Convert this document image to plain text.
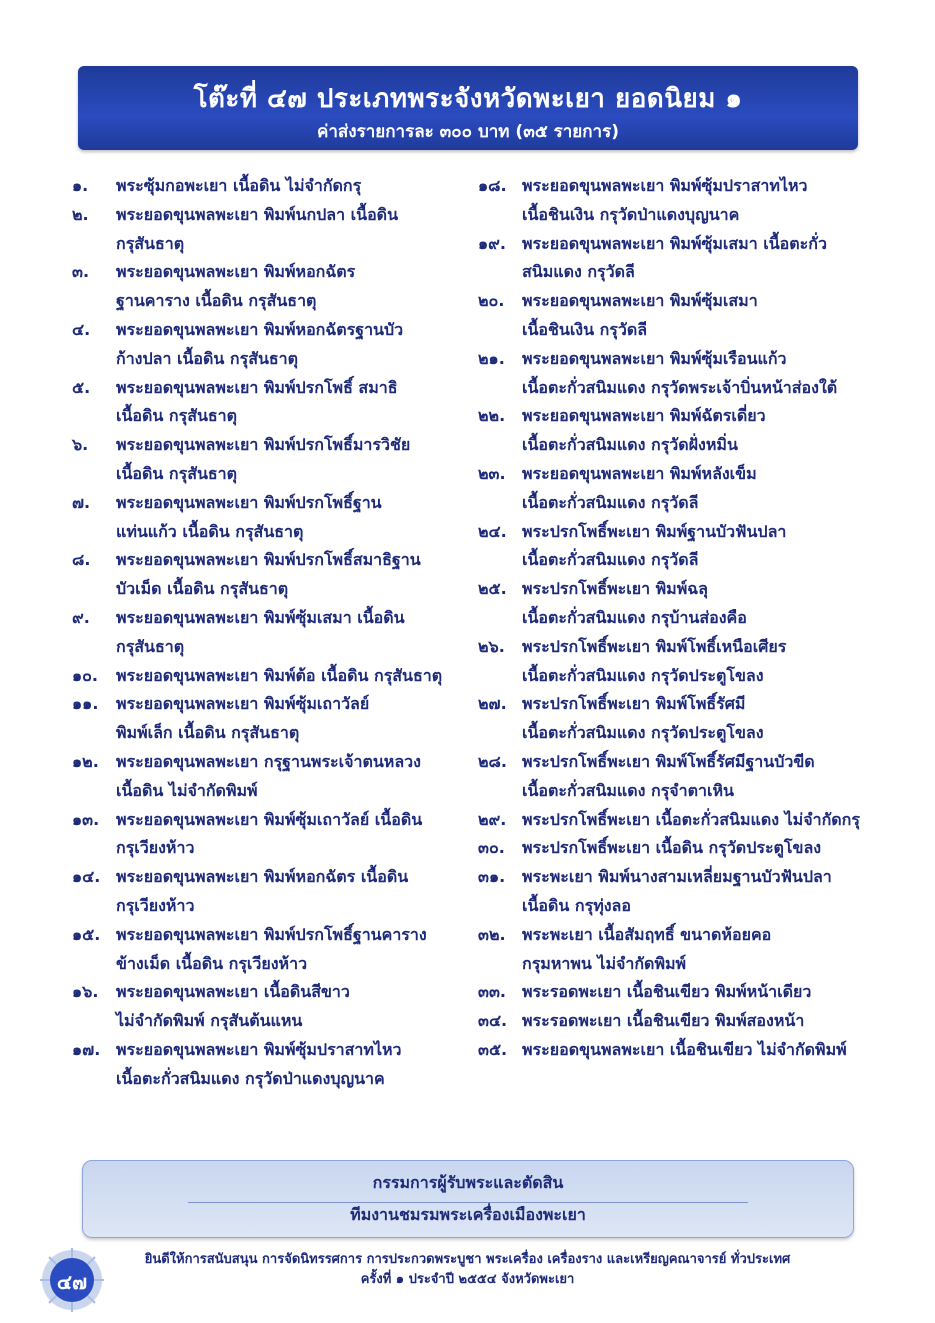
โต๊ะที่ ๔๗ ประเภทพระจังหวัดพะเยา ยอดนิยม ๑
ค่าส่งรายการละ ๓๐๐ บาท (๓๕ รายการ)
๑.	พระซุ้มกอพะเยา เนื้อดิน ไม่จำกัดกรุ
๒.	พระยอดขุนพลพะเยา พิมพ์นกปลา เนื้อดิน
กรุสันธาตุ
๓.	พระยอดขุนพลพะเยา พิมพ์หอกฉัตร
ฐานคาราง เนื้อดิน กรุสันธาตุ
๔.	พระยอดขุนพลพะเยา พิมพ์หอกฉัตรฐานบัว
ก้างปลา เนื้อดิน กรุสันธาตุ
๕.	พระยอดขุนพลพะเยา พิมพ์ปรกโพธิ์ สมาธิ
เนื้อดิน กรุสันธาตุ
๖.	พระยอดขุนพลพะเยา พิมพ์ปรกโพธิ์มารวิชัย
เนื้อดิน กรุสันธาตุ
๗.	พระยอดขุนพลพะเยา พิมพ์ปรกโพธิ์ฐาน
แท่นแก้ว เนื้อดิน กรุสันธาตุ
๘.	พระยอดขุนพลพะเยา พิมพ์ปรกโพธิ์สมาธิฐาน
บัวเม็ด เนื้อดิน กรุสันธาตุ
๙.	พระยอดขุนพลพะเยา พิมพ์ซุ้มเสมา เนื้อดิน
กรุสันธาตุ
๑๐.	พระยอดขุนพลพะเยา พิมพ์ต้อ เนื้อดิน กรุสันธาตุ
๑๑.	พระยอดขุนพลพะเยา พิมพ์ซุ้มเถาวัลย์
พิมพ์เล็ก เนื้อดิน กรุสันธาตุ
๑๒.	พระยอดขุนพลพะเยา กรุฐานพระเจ้าตนหลวง
เนื้อดิน ไม่จำกัดพิมพ์
๑๓.	พระยอดขุนพลพะเยา พิมพ์ซุ้มเถาวัลย์ เนื้อดิน
กรุเวียงห้าว
๑๔. พระยอดขุนพลพะเยา พิมพ์หอกฉัตร เนื้อดิน
กรุเวียงห้าว
๑๕. พระยอดขุนพลพะเยา พิมพ์ปรกโพธิ์ฐานคาราง
ข้างเม็ด เนื้อดิน กรุเวียงห้าว
๑๖.	พระยอดขุนพลพะเยา เนื้อดินสีขาว
ไม่จำกัดพิมพ์ กรุสันต้นแหน
๑๗. พระยอดขุนพลพะเยา พิมพ์ซุ้มปราสาทไหว
เนื้อตะกั่วสนิมแดง กรุวัดป่าแดงบุญนาค
๑๘. พระยอดขุนพลพะเยา พิมพ์ซุ้มปราสาทไหว
เนื้อชินเงิน กรุวัดป่าแดงบุญนาค
๑๙.	พระยอดขุนพลพะเยา พิมพ์ซุ้มเสมา เนื้อตะกั่ว
สนิมแดง กรุวัดลี
๒๐.	พระยอดขุนพลพะเยา พิมพ์ซุ้มเสมา
เนื้อชินเงิน กรุวัดลี
๒๑.	พระยอดขุนพลพะเยา พิมพ์ซุ้มเรือนแก้ว
เนื้อตะกั่วสนิมแดง กรุวัดพระเจ้าบิ่นหน้าส่องใต้
๒๒.	พระยอดขุนพลพะเยา พิมพ์ฉัตรเดี่ยว
เนื้อตะกั่วสนิมแดง กรุวัดฝั่งหมิ่น
๒๓.	พระยอดขุนพลพะเยา พิมพ์หลังเข็ม
เนื้อตะกั่วสนิมแดง กรุวัดลี
๒๔. พระปรกโพธิ์พะเยา พิมพ์ฐานบัวฟันปลา
เนื้อตะกั่วสนิมแดง กรุวัดลี
๒๕. พระปรกโพธิ์พะเยา พิมพ์ฉลุ
เนื้อตะกั่วสนิมแดง กรุบ้านส่องคือ
๒๖.	พระปรกโพธิ์พะเยา พิมพ์โพธิ์เหนือเศียร
เนื้อตะกั่วสนิมแดง กรุวัดประตูโขลง
๒๗. พระปรกโพธิ์พะเยา พิมพ์โพธิ์รัศมี
เนื้อตะกั่วสนิมแดง กรุวัดประตูโขลง
๒๘. พระปรกโพธิ์พะเยา พิมพ์โพธิ์รัศมีฐานบัวขีด
เนื้อตะกั่วสนิมแดง กรุจำตาเหิน
๒๙. พระปรกโพธิ์พะเยา เนื้อตะกั่วสนิมแดง ไม่จำกัดกรุ
๓๐.	พระปรกโพธิ์พะเยา เนื้อดิน กรุวัดประตูโขลง
๓๑.	พระพะเยา พิมพ์นางสามเหลี่ยมฐานบัวฟันปลา
เนื้อดิน กรุทุ่งลอ
๓๒.	พระพะเยา เนื้อสัมฤทธิ์ ขนาดห้อยคอ
กรุมหาพน ไม่จำกัดพิมพ์
๓๓.	พระรอดพะเยา เนื้อชินเขียว พิมพ์หน้าเดียว
๓๔. พระรอดพะเยา เนื้อชินเขียว พิมพ์สองหน้า
๓๕. พระยอดขุนพลพะเยา เนื้อชินเขียว ไม่จำกัดพิมพ์
กรรมการผู้รับพระและตัดสิน
ทีมงานชมรมพระเครื่องเมืองพะเยา
๔๗
ยินดีให้การสนับสนุน การจัดนิทรรศการ การประกวดพระบูชา พระเครื่อง เครื่องราง และเหรียญคณาจารย์ ทั่วประเทศ
ครั้งที่ ๑ ประจำปี ๒๕๕๔ จังหวัดพะเยา
